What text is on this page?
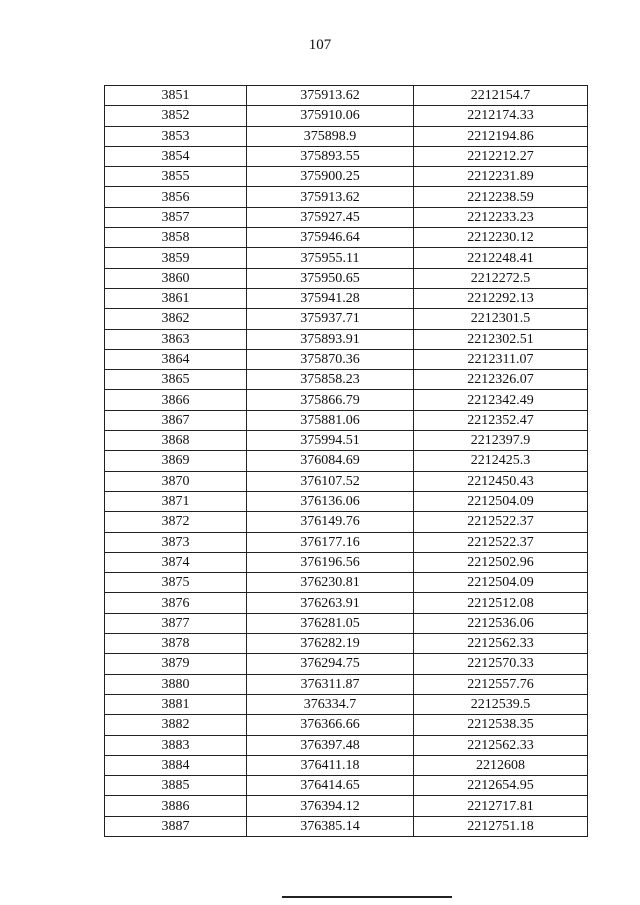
107
3851	375913.62	2212154.7
3852	375910.06	2212174.33
3853	375898.9	2212194.86
3854	375893.55	2212212.27
3855	375900.25	2212231.89
3856	375913.62	2212238.59
3857	375927.45	2212233.23
3858	375946.64	2212230.12
3859	375955.11	2212248.41
3860	375950.65	2212272.5
3861	375941.28	2212292.13
3862	375937.71	2212301.5
3863	375893.91	2212302.51
3864	375870.36	2212311.07
3865	375858.23	2212326.07
3866	375866.79	2212342.49
3867	375881.06	2212352.47
3868	375994.51	2212397.9
3869	376084.69	2212425.3
3870	376107.52	2212450.43
3871	376136.06	2212504.09
3872	376149.76	2212522.37
3873	376177.16	2212522.37
3874	376196.56	2212502.96
3875	376230.81	2212504.09
3876	376263.91	2212512.08
3877	376281.05	2212536.06
3878	376282.19	2212562.33
3879	376294.75	2212570.33
3880	376311.87	2212557.76
3881	376334.7	2212539.5
3882	376366.66	2212538.35
3883	376397.48	2212562.33
3884	376411.18	2212608
3885	376414.65	2212654.95
3886	376394.12	2212717.81
3887	376385.14	2212751.18
